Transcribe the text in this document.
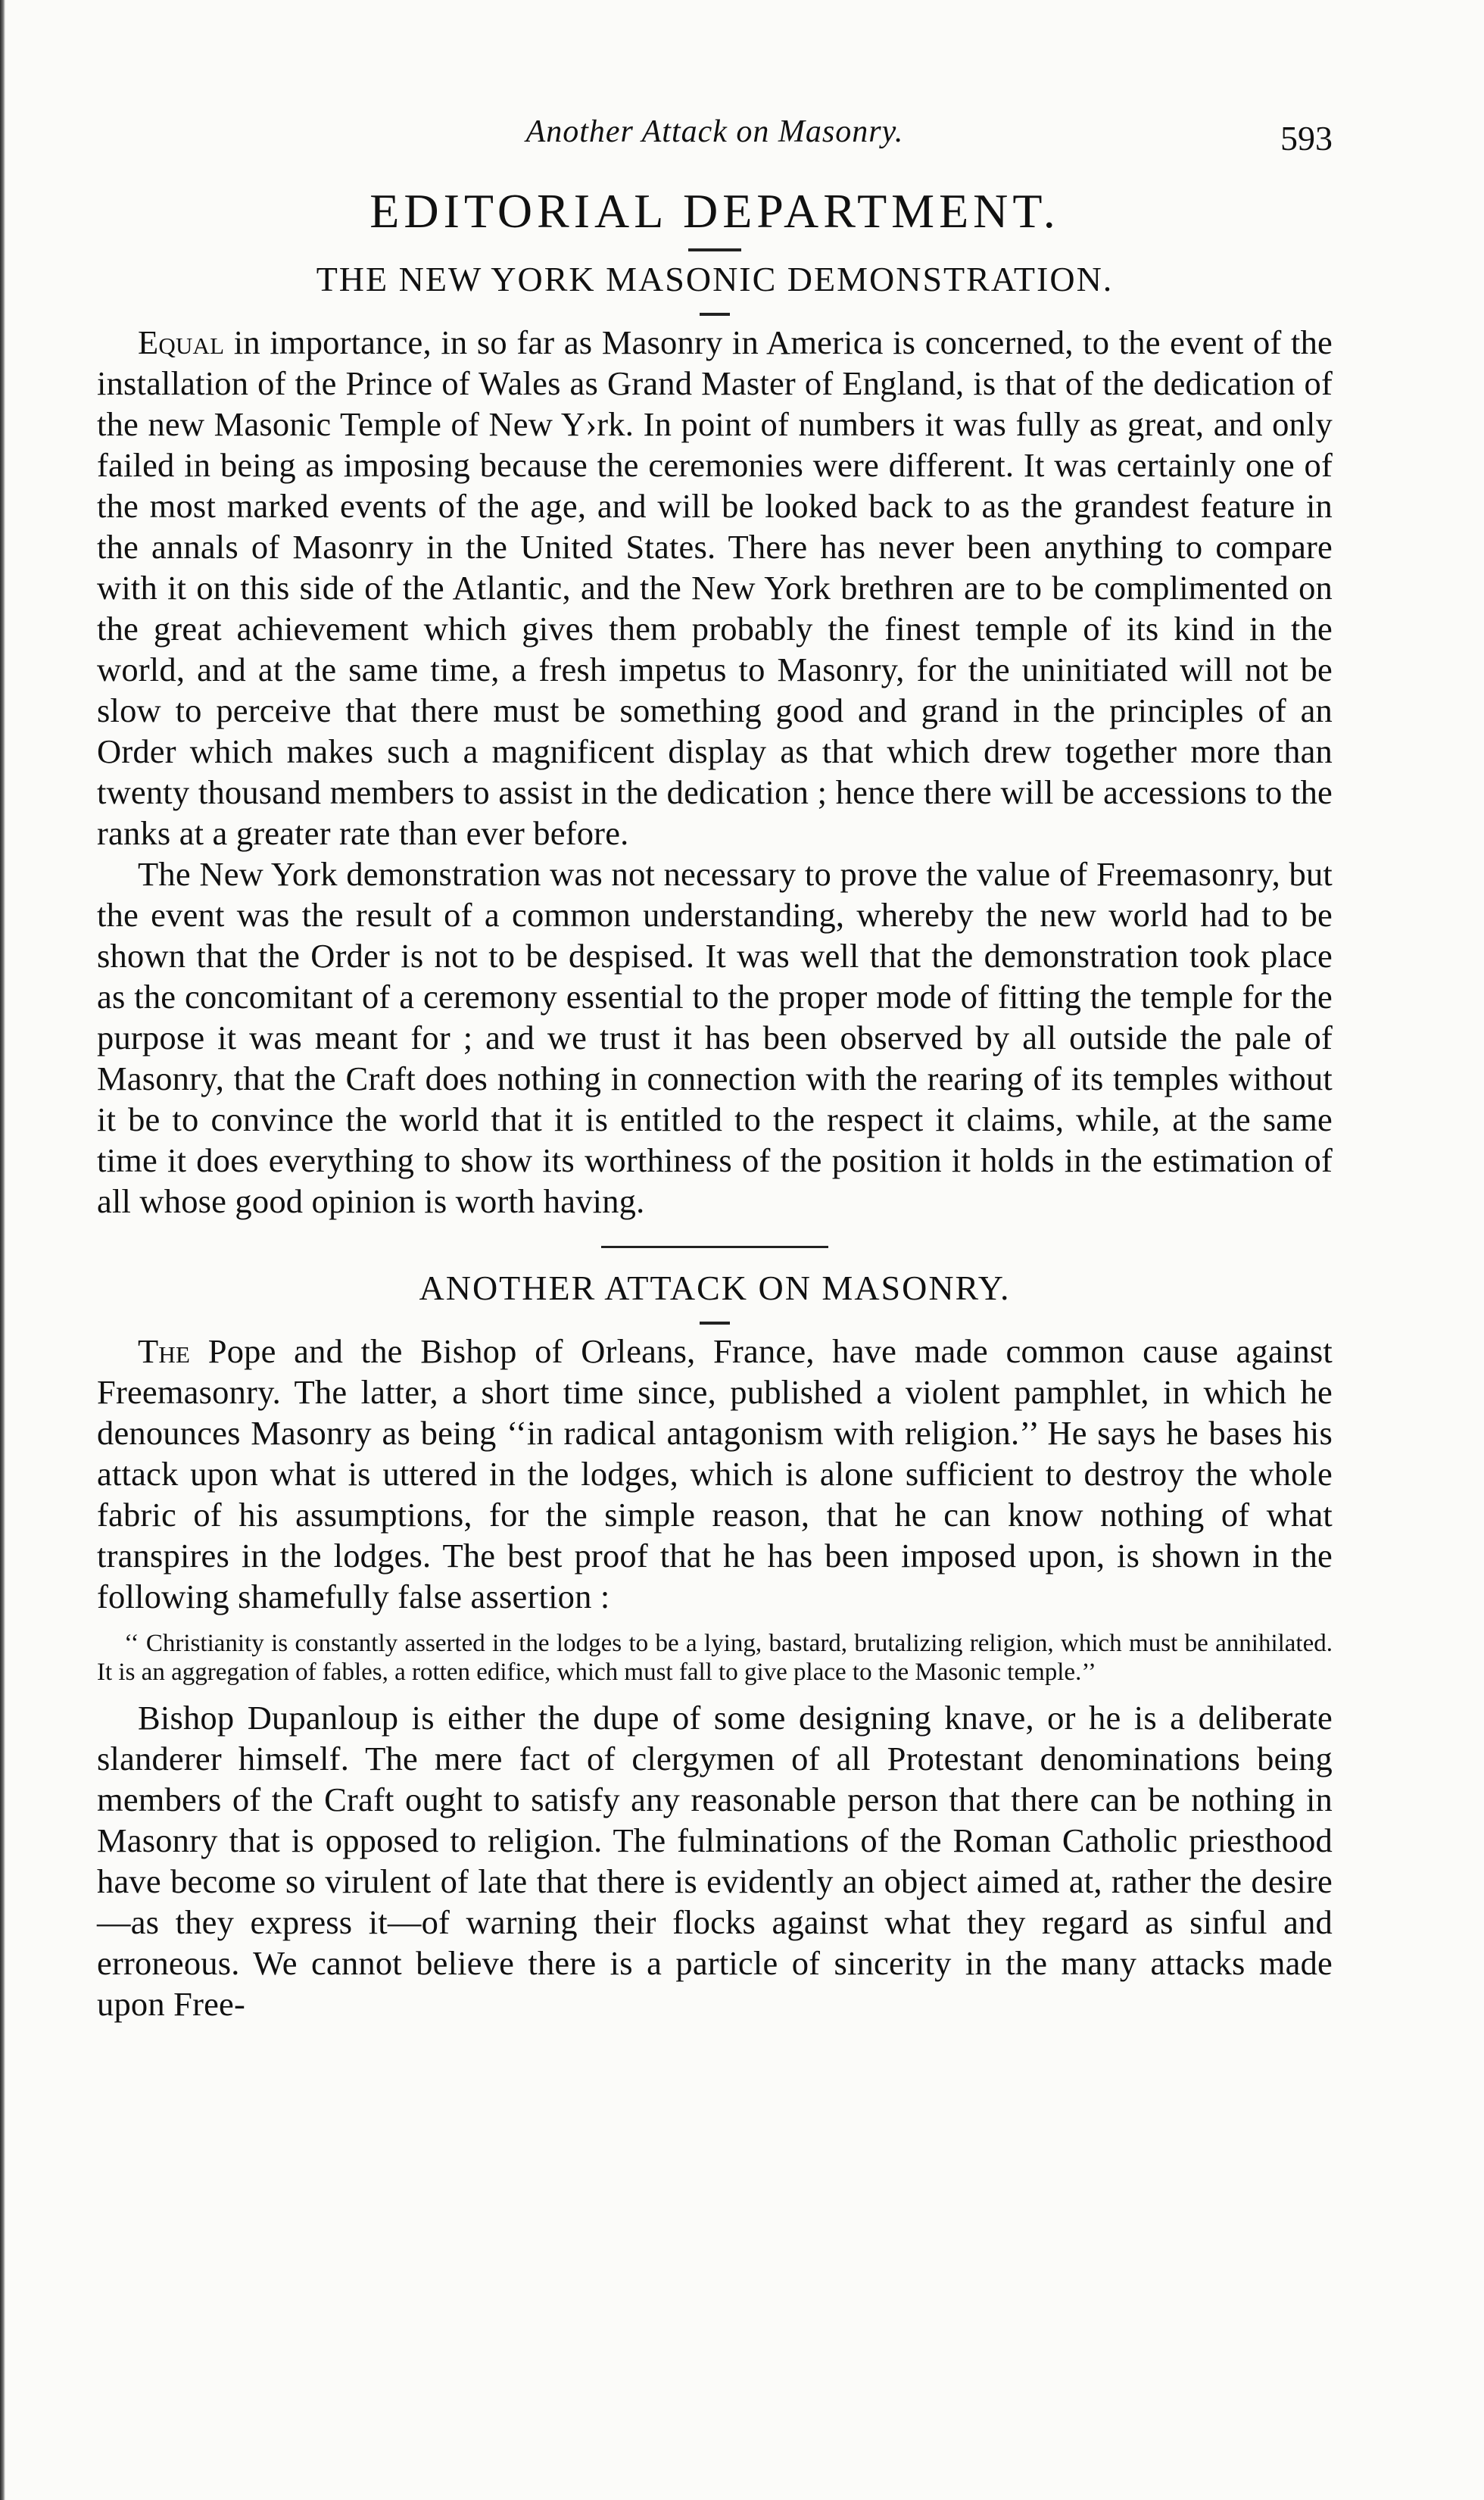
Another Attack on Masonry.	593
EDITORIAL DEPARTMENT.
THE NEW YORK MASONIC DEMONSTRATION.

Equal in importance, in so far as Masonry in America is concerned, to the event of the installation of the Prince of Wales as Grand Master of England, is that of the dedication of the new Masonic Temple of New Y›rk. In point of numbers it was fully as great, and only failed in being as imposing because the ceremonies were different. It was certainly one of the most marked events of the age, and will be looked back to as the grandest feature in the annals of Masonry in the United States. There has never been anything to compare with it on this side of the Atlantic, and the New York brethren are to be complimented on the great achievement which gives them probably the finest temple of its kind in the world, and at the same time, a fresh impetus to Masonry, for the uninitiated will not be slow to perceive that there must be something good and grand in the principles of an Order which makes such a magnificent display as that which drew together more than twenty thousand members to assist in the dedication ; hence there will be accessions to the ranks at a greater rate than ever before.

The New York demonstration was not necessary to prove the value of Freemasonry, but the event was the result of a common understanding, whereby the new world had to be shown that the Order is not to be despised. It was well that the demonstration took place as the concomitant of a ceremony essential to the proper mode of fitting the temple for the purpose it was meant for ; and we trust it has been observed by all outside the pale of Masonry, that the Craft does nothing in connection with the rearing of its temples without it be to convince the world that it is entitled to the respect it claims, while, at the same time it does everything to show its worthiness of the position it holds in the estimation of all whose good opinion is worth having.

ANOTHER ATTACK ON MASONRY.

The Pope and the Bishop of Orleans, France, have made common cause against Freemasonry. The latter, a short time since, published a violent pamphlet, in which he denounces Masonry as being ‘‘in radical antagonism with religion.’’ He says he bases his attack upon what is uttered in the lodges, which is alone sufficient to destroy the whole fabric of his assumptions, for the simple reason, that he can know nothing of what transpires in the lodges. The best proof that he has been imposed upon, is shown in the following shamefully false assertion :

‘‘ Christianity is constantly asserted in the lodges to be a lying, bastard, brutalizing religion, which must be annihilated. It is an aggregation of fables, a rotten edifice, which must fall to give place to the Masonic temple.’’

Bishop Dupanloup is either the dupe of some designing knave, or he is a deliberate slanderer himself. The mere fact of clergymen of all Protestant denominations being members of the Craft ought to satisfy any reasonable person that there can be nothing in Masonry that is opposed to religion. The fulminations of the Roman Catholic priesthood have become so virulent of late that there is evidently an object aimed at, rather the desire—as they express it—of warning their flocks against what they regard as sinful and erroneous. We cannot believe there is a particle of sincerity in the many attacks made upon Free-
